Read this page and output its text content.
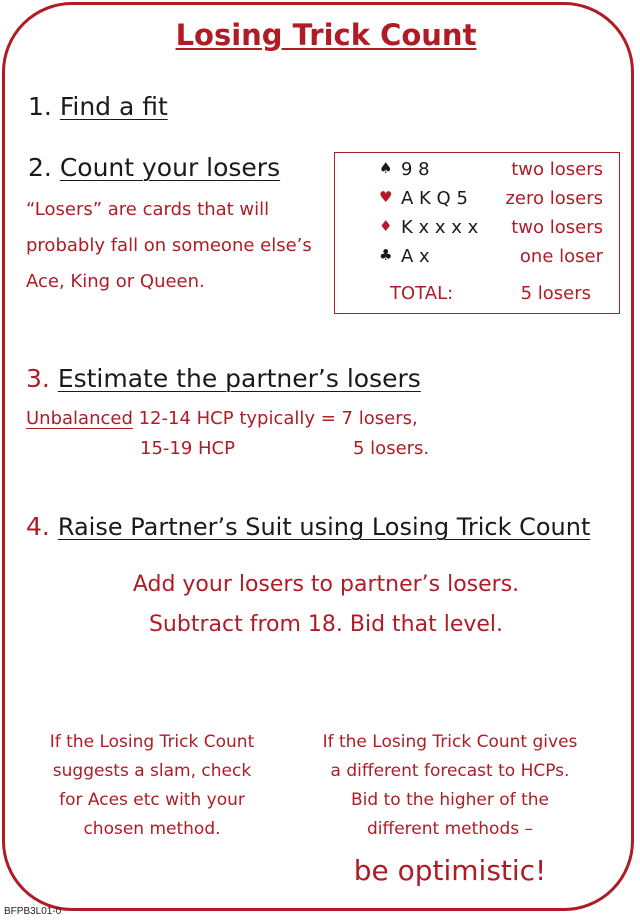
Losing Trick Count
1. Find a fit
2. Count your losers
“Losers” are cards that will
probably fall on someone else’s
Ace, King or Queen.
♠ 9 8	two losers
♥ A K Q 5 zero losers
♦ K x x x x two losers
♣ A x	one loser
TOTAL:	5 losers
3. Estimate the partner’s losers
Unbalanced 12-14 HCP typically = 7 losers,
15-19 HCP	5 losers.
4. Raise Partner’s Suit using Losing Trick Count
Add your losers to partner’s losers.
Subtract from 18. Bid that level.
If the Losing Trick Count
suggests a slam, check
for Aces etc with your
chosen method.
If the Losing Trick Count gives
a different forecast to HCPs.
Bid to the higher of the
different methods –
be optimistic!
BFPB3L01-0
